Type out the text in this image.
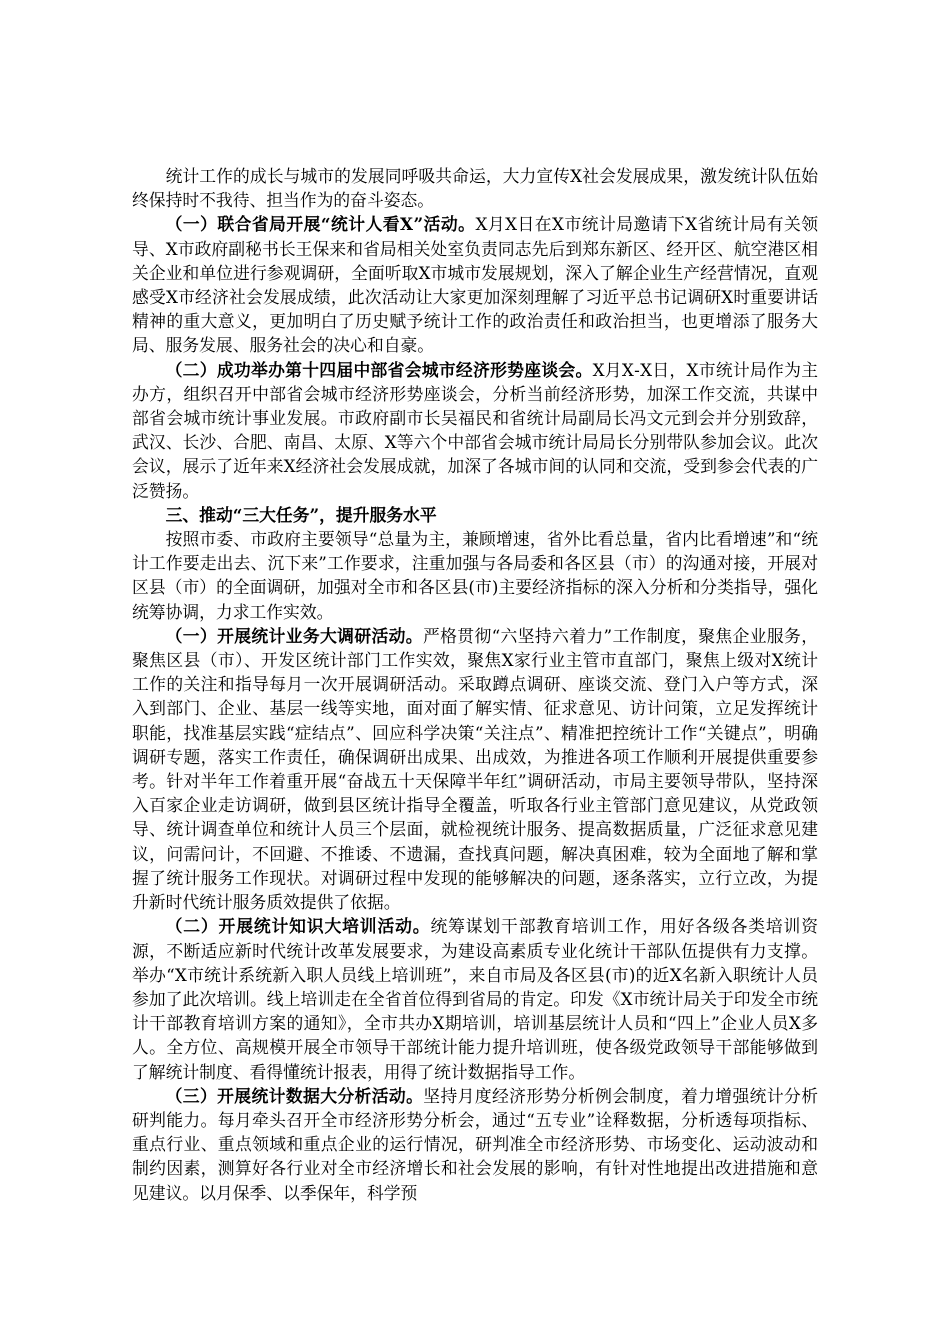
统计工作的成长与城市的发展同呼吸共命运，大力宣传Ⅹ社会发展成果，激发统计队伍始终保持时不我待、担当作为的奋斗姿态。

（一）联合省局开展“统计人看Ⅹ”活动。Ⅹ月Ⅹ日在Ⅹ市统计局邀请下Ⅹ省统计局有关领导、Ⅹ市政府副秘书长王保来和省局相关处室负责同志先后到郑东新区、经开区、航空港区相关企业和单位进行参观调研，全面听取Ⅹ市城市发展规划，深入了解企业生产经营情况，直观感受Ⅹ市经济社会发展成绩，此次活动让大家更加深刻理解了习近平总书记调研Ⅹ时重要讲话精神的重大意义，更加明白了历史赋予统计工作的政治责任和政治担当，也更增添了服务大局、服务发展、服务社会的决心和自豪。

（二）成功举办第十四届中部省会城市经济形势座谈会。Ⅹ月Ⅹ-Ⅹ日，Ⅹ市统计局作为主办方，组织召开中部省会城市经济形势座谈会，分析当前经济形势，加深工作交流，共谋中部省会城市统计事业发展。市政府副市长吴福民和省统计局副局长冯文元到会并分别致辞，武汉、长沙、合肥、南昌、太原、Ⅹ等六个中部省会城市统计局局长分别带队参加会议。此次会议，展示了近年来Ⅹ经济社会发展成就，加深了各城市间的认同和交流，受到参会代表的广泛赞扬。

三、推动“三大任务”，提升服务水平

按照市委、市政府主要领导“总量为主，兼顾增速，省外比看总量，省内比看增速”和“统计工作要走出去、沉下来”工作要求，注重加强与各局委和各区县（市）的沟通对接，开展对区县（市）的全面调研，加强对全市和各区县(市)主要经济指标的深入分析和分类指导，强化统筹协调，力求工作实效。

（一）开展统计业务大调研活动。严格贯彻“六坚持六着力”工作制度，聚焦企业服务，聚焦区县（市）、开发区统计部门工作实效，聚焦Ⅹ家行业主管市直部门，聚焦上级对Ⅹ统计工作的关注和指导每月一次开展调研活动。采取蹲点调研、座谈交流、登门入户等方式，深入到部门、企业、基层一线等实地，面对面了解实情、征求意见、访计问策，立足发挥统计职能，找准基层实践“症结点”、回应科学决策“关注点”、精准把控统计工作“关键点”，明确调研专题，落实工作责任，确保调研出成果、出成效，为推进各项工作顺利开展提供重要参考。针对半年工作着重开展“奋战五十天保障半年红”调研活动，市局主要领导带队，坚持深入百家企业走访调研，做到县区统计指导全覆盖，听取各行业主管部门意见建议，从党政领导、统计调查单位和统计人员三个层面，就检视统计服务、提高数据质量，广泛征求意见建议，问需问计，不回避、不推诿、不遗漏，查找真问题，解决真困难，较为全面地了解和掌握了统计服务工作现状。对调研过程中发现的能够解决的问题，逐条落实，立行立改，为提升新时代统计服务质效提供了依据。

（二）开展统计知识大培训活动。统筹谋划干部教育培训工作，用好各级各类培训资源，不断适应新时代统计改革发展要求，为建设高素质专业化统计干部队伍提供有力支撑。举办“Ⅹ市统计系统新入职人员线上培训班”，来自市局及各区县(市)的近Ⅹ名新入职统计人员参加了此次培训。线上培训走在全省首位得到省局的肯定。印发《Ⅹ市统计局关于印发全市统计干部教育培训方案的通知》，全市共办Ⅹ期培训，培训基层统计人员和“四上”企业人员Ⅹ多人。全方位、高规模开展全市领导干部统计能力提升培训班，使各级党政领导干部能够做到了解统计制度、看得懂统计报表，用得了统计数据指导工作。

（三）开展统计数据大分析活动。坚持月度经济形势分析例会制度，着力增强统计分析研判能力。每月牵头召开全市经济形势分析会，通过“五专业”诠释数据，分析透每项指标、重点行业、重点领域和重点企业的运行情况，研判准全市经济形势、市场变化、运动波动和制约因素，测算好各行业对全市经济增长和社会发展的影响，有针对性地提出改进措施和意见建议。以月保季、以季保年，科学预
